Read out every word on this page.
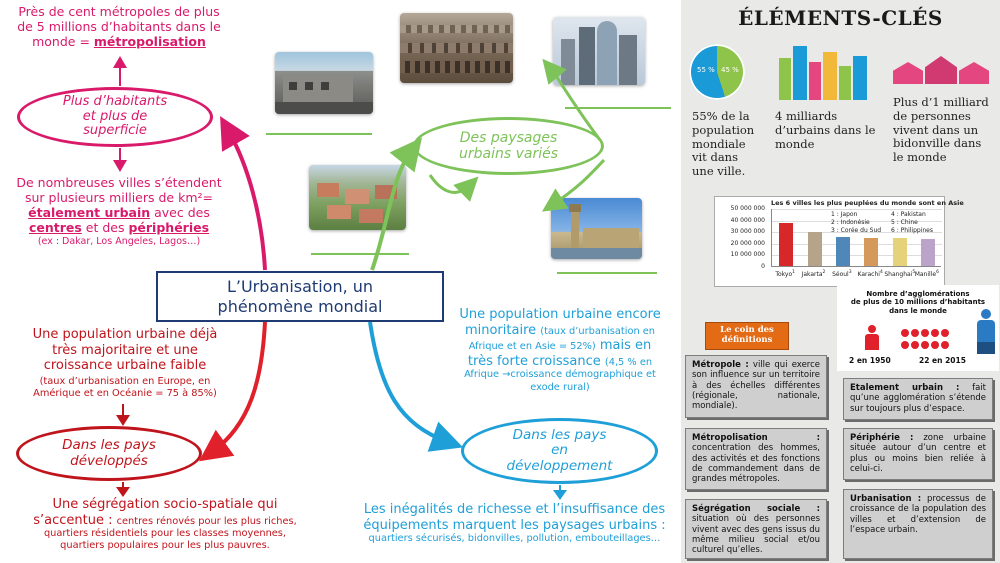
Près de cent métropoles de plus
de 5 millions d’habitants dans le
monde = métropolisation
Plus d’habitants
et plus de
superficie
De nombreuses villes s’étendent
sur plusieurs milliers de km²=
étalement urbain avec des
centres et des périphéries
(ex : Dakar, Los Angeles, Lagos…)
Des paysages
urbains variés
L’Urbanisation, un
phénomène mondial
Une population urbaine déjà
très majoritaire et une
croissance urbaine faible
(taux d’urbanisation en Europe, en
Amérique et en Océanie = 75 à 85%)
Dans les pays
développés
Une ségrégation socio-spatiale qui
s’accentue : centres rénovés pour les plus riches,
quartiers résidentiels pour les classes moyennes,
quartiers populaires pour les plus pauvres.
Une population urbaine encore
minoritaire (taux d’urbanisation en
Afrique et en Asie = 52%) mais en
très forte croissance (4,5 % en
Afrique →croissance démographique et
exode rural)
Dans les pays
en
développement
Les inégalités de richesse et l’insuffisance des
équipements marquent les paysages urbains :
quartiers sécurisés, bidonvilles, pollution, embouteillages…
ÉLÉMENTS-CLÉS
55 % 45 %
55% de la
population
mondiale
vit dans
une ville.
4 milliards
d’urbains dans le
monde
Plus d’1 milliard
de personnes
vivent dans un
bidonville dans
le monde
Les 6 villes les plus peuplées du monde sont en Asie
0
10 000 000
20 000 000
30 000 000
40 000 000
50 000 000
Tokyo$^1$	Jakarta$^2$	Séoul$^3$ Karachi$^4$ Shanghai$^5$ Manille$^6$
1 : Japon	4 : Pakistan
2 : Indonésie	5 : Chine
3 : Corée du Sud	6 : Philippines
Le coin des
définitions
Nombre d’agglomérations
de plus de 10 millions d’habitants
dans le monde
2 en 1950	22 en 2015
Métropole : ville qui exerce son influence sur un territoire à des échelles différentes (régionale, nationale, mondiale).
Métropolisation : concentration des hommes, des activités et des fonctions de commandement dans de grandes métropoles.
Ségrégation sociale : situation où des personnes vivent avec des gens issus du même milieu social et/ou culturel qu’elles.
Etalement urbain : fait qu’une agglomération s’étende sur toujours plus d’espace.
Périphérie : zone urbaine située autour d’un centre et plus ou moins bien reliée à celui-ci.
Urbanisation : processus de croissance de la population des villes et d’extension de l’espace urbain.
